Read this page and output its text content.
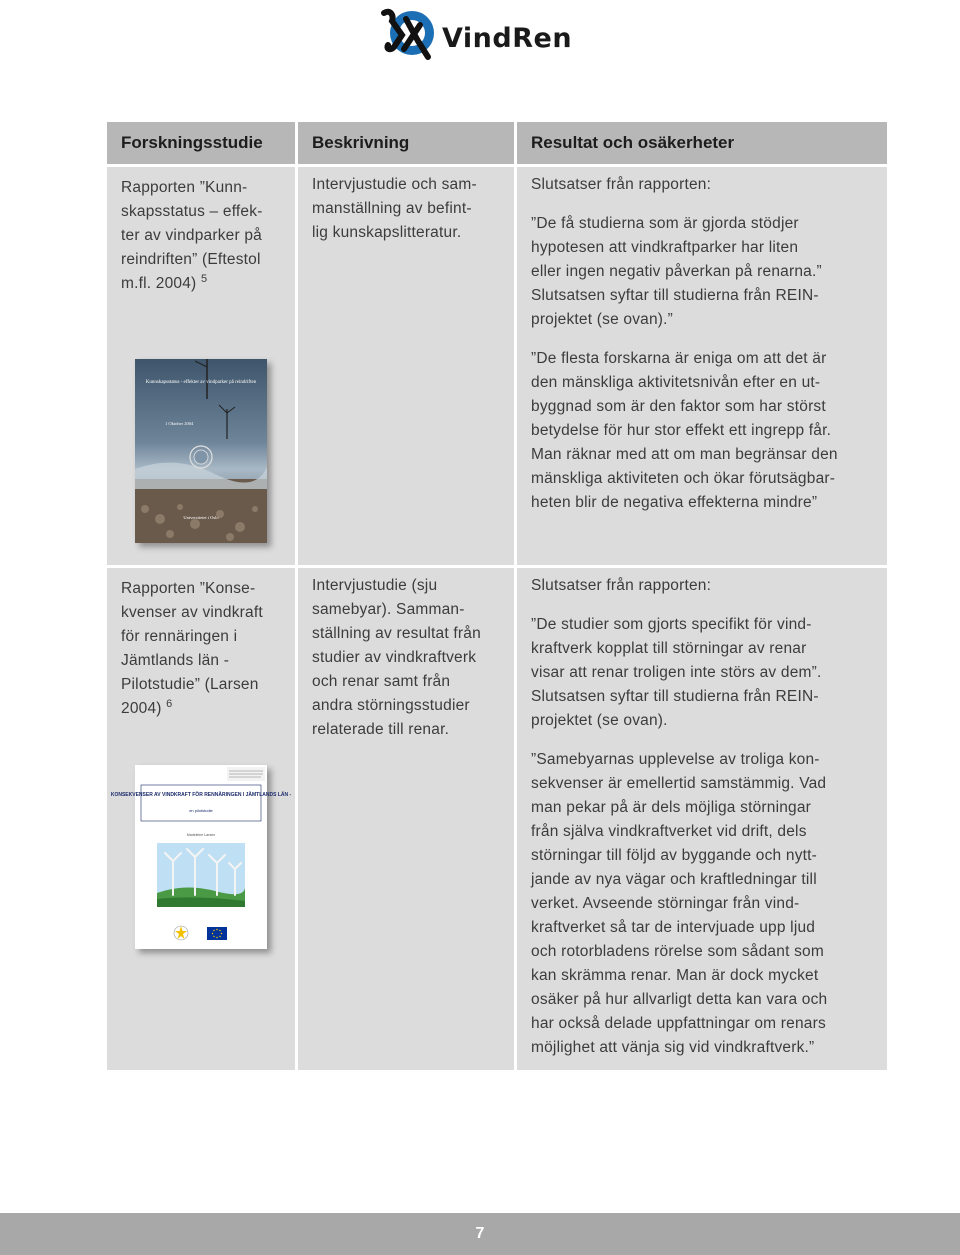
VindRen
Forskningsstudie	Beskrivning	Resultat och osäkerheter

Rapporten ”Kunn-

skapsstatus – effek-

ter av vindparker på

reindriften” (Eftestol

m.fl. 2004) $^5$

Kunnskapsstatus - effekter av vindparker på reindriften
1 Oktober 2004
Universitetet i Oslo

Intervjustudie och sam-

manställning av befint-

lig kunskapslitteratur.

Slutsatser från rapporten:

”De få studierna som är gjorda stödjer

hypotesen att vindkraftparker har liten

eller ingen negativ påverkan på renarna.”

Slutsatsen syftar till studierna från REIN-

projektet (se ovan).”

”De flesta forskarna är eniga om att det är

den mänskliga aktivitetsnivån efter en ut-

byggnad som är den faktor som har störst

betydelse för hur stor effekt ett ingrepp får.

Man räknar med att om man begränsar den

mänskliga aktiviteten och ökar förutsägbar-

heten blir de negativa effekterna mindre”

Rapporten ”Konse-

kvenser av vindkraft

för rennäringen i

Jämtlands län -

Pilotstudie” (Larsen

2004) $^6$

KONSEKVENSER AV VINDKRAFT FÖR RENNÄRINGEN I JÄMTLANDS LÄN -
en pilotstudie
Madeleine Larsen

Intervjustudie (sju

samebyar). Samman-

ställning av resultat från

studier av vindkraftverk

och renar samt från

andra störningsstudier

relaterade till renar.

Slutsatser från rapporten:

”De studier som gjorts specifikt för vind-

kraftverk kopplat till störningar av renar

visar att renar troligen inte störs av dem”.

Slutsatsen syftar till studierna från REIN-

projektet (se ovan).

”Samebyarnas upplevelse av troliga kon-

sekvenser är emellertid samstämmig. Vad

man pekar på är dels möjliga störningar

från själva vindkraftverket vid drift, dels

störningar till följd av byggande och nytt-

jande av nya vägar och kraftledningar till

verket. Avseende störningar från vind-

kraftverket så tar de intervjuade upp ljud

och rotorbladens rörelse som sådant som

kan skrämma renar. Man är dock mycket

osäker på hur allvarligt detta kan vara och

har också delade uppfattningar om renars

möjlighet att vänja sig vid vindkraftverk.”

7
